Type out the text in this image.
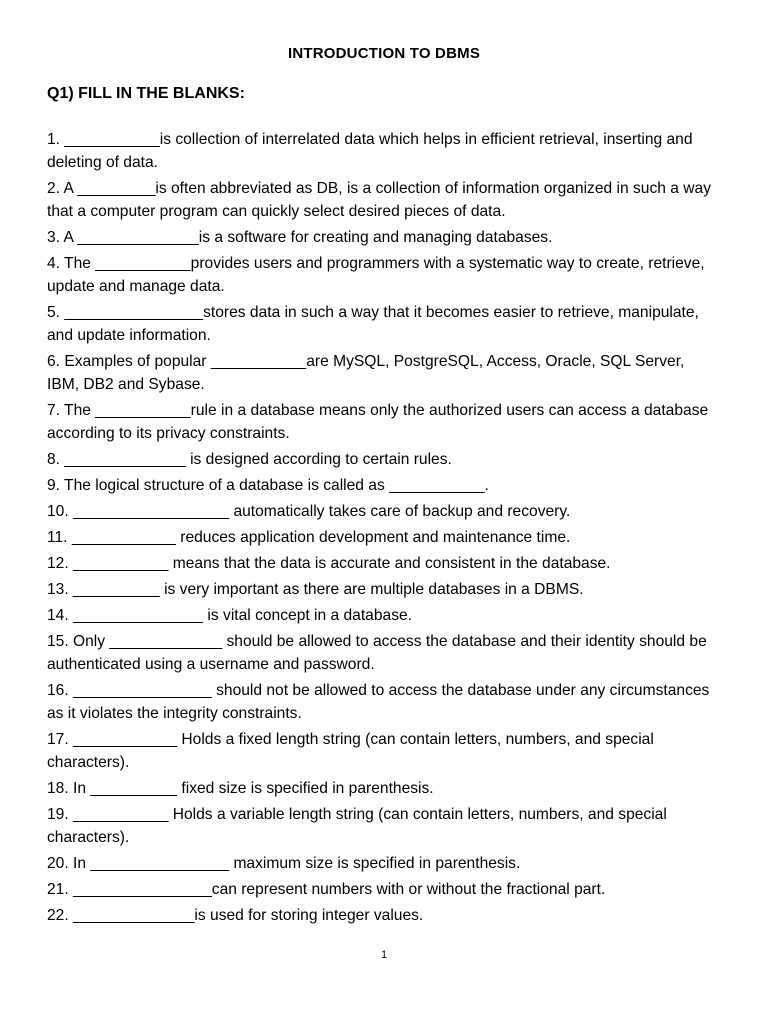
INTRODUCTION TO DBMS
Q1) FILL IN THE BLANKS:
1. ___________is collection of interrelated data which helps in efficient retrieval, inserting and deleting of data.
2. A _________is often abbreviated as DB, is a collection of information organized in such a way that a computer program can quickly select desired pieces of data.
3. A ______________is a software for creating and managing databases.
4. The ___________provides users and programmers with a systematic way to create, retrieve, update and manage data.
5. ________________stores data in such a way that it becomes easier to retrieve, manipulate, and update information.
6. Examples of popular ___________are MySQL, PostgreSQL, Access, Oracle, SQL Server, IBM, DB2 and Sybase.
7. The ___________rule in a database means only the authorized users can access a database according to its privacy constraints.
8. ______________ is designed according to certain rules.
9. The logical structure of a database is called as ___________.
10. __________________ automatically takes care of backup and recovery.
11. ____________ reduces application development and maintenance time.
12. ___________ means that the data is accurate and consistent in the database.
13. __________ is very important as there are multiple databases in a DBMS.
14. _______________ is vital concept in a database.
15. Only _____________ should be allowed to access the database and their identity should be authenticated using a username and password.
16. ________________ should not be allowed to access the database under any circumstances as it violates the integrity constraints.
17. ____________ Holds a fixed length string (can contain letters, numbers, and special characters).
18. In __________ fixed size is specified in parenthesis.
19. ___________ Holds a variable length string (can contain letters, numbers, and special characters).
20. In ________________ maximum size is specified in parenthesis.
21. ________________can represent numbers with or without the fractional part.
22. ______________is used for storing integer values.
1
